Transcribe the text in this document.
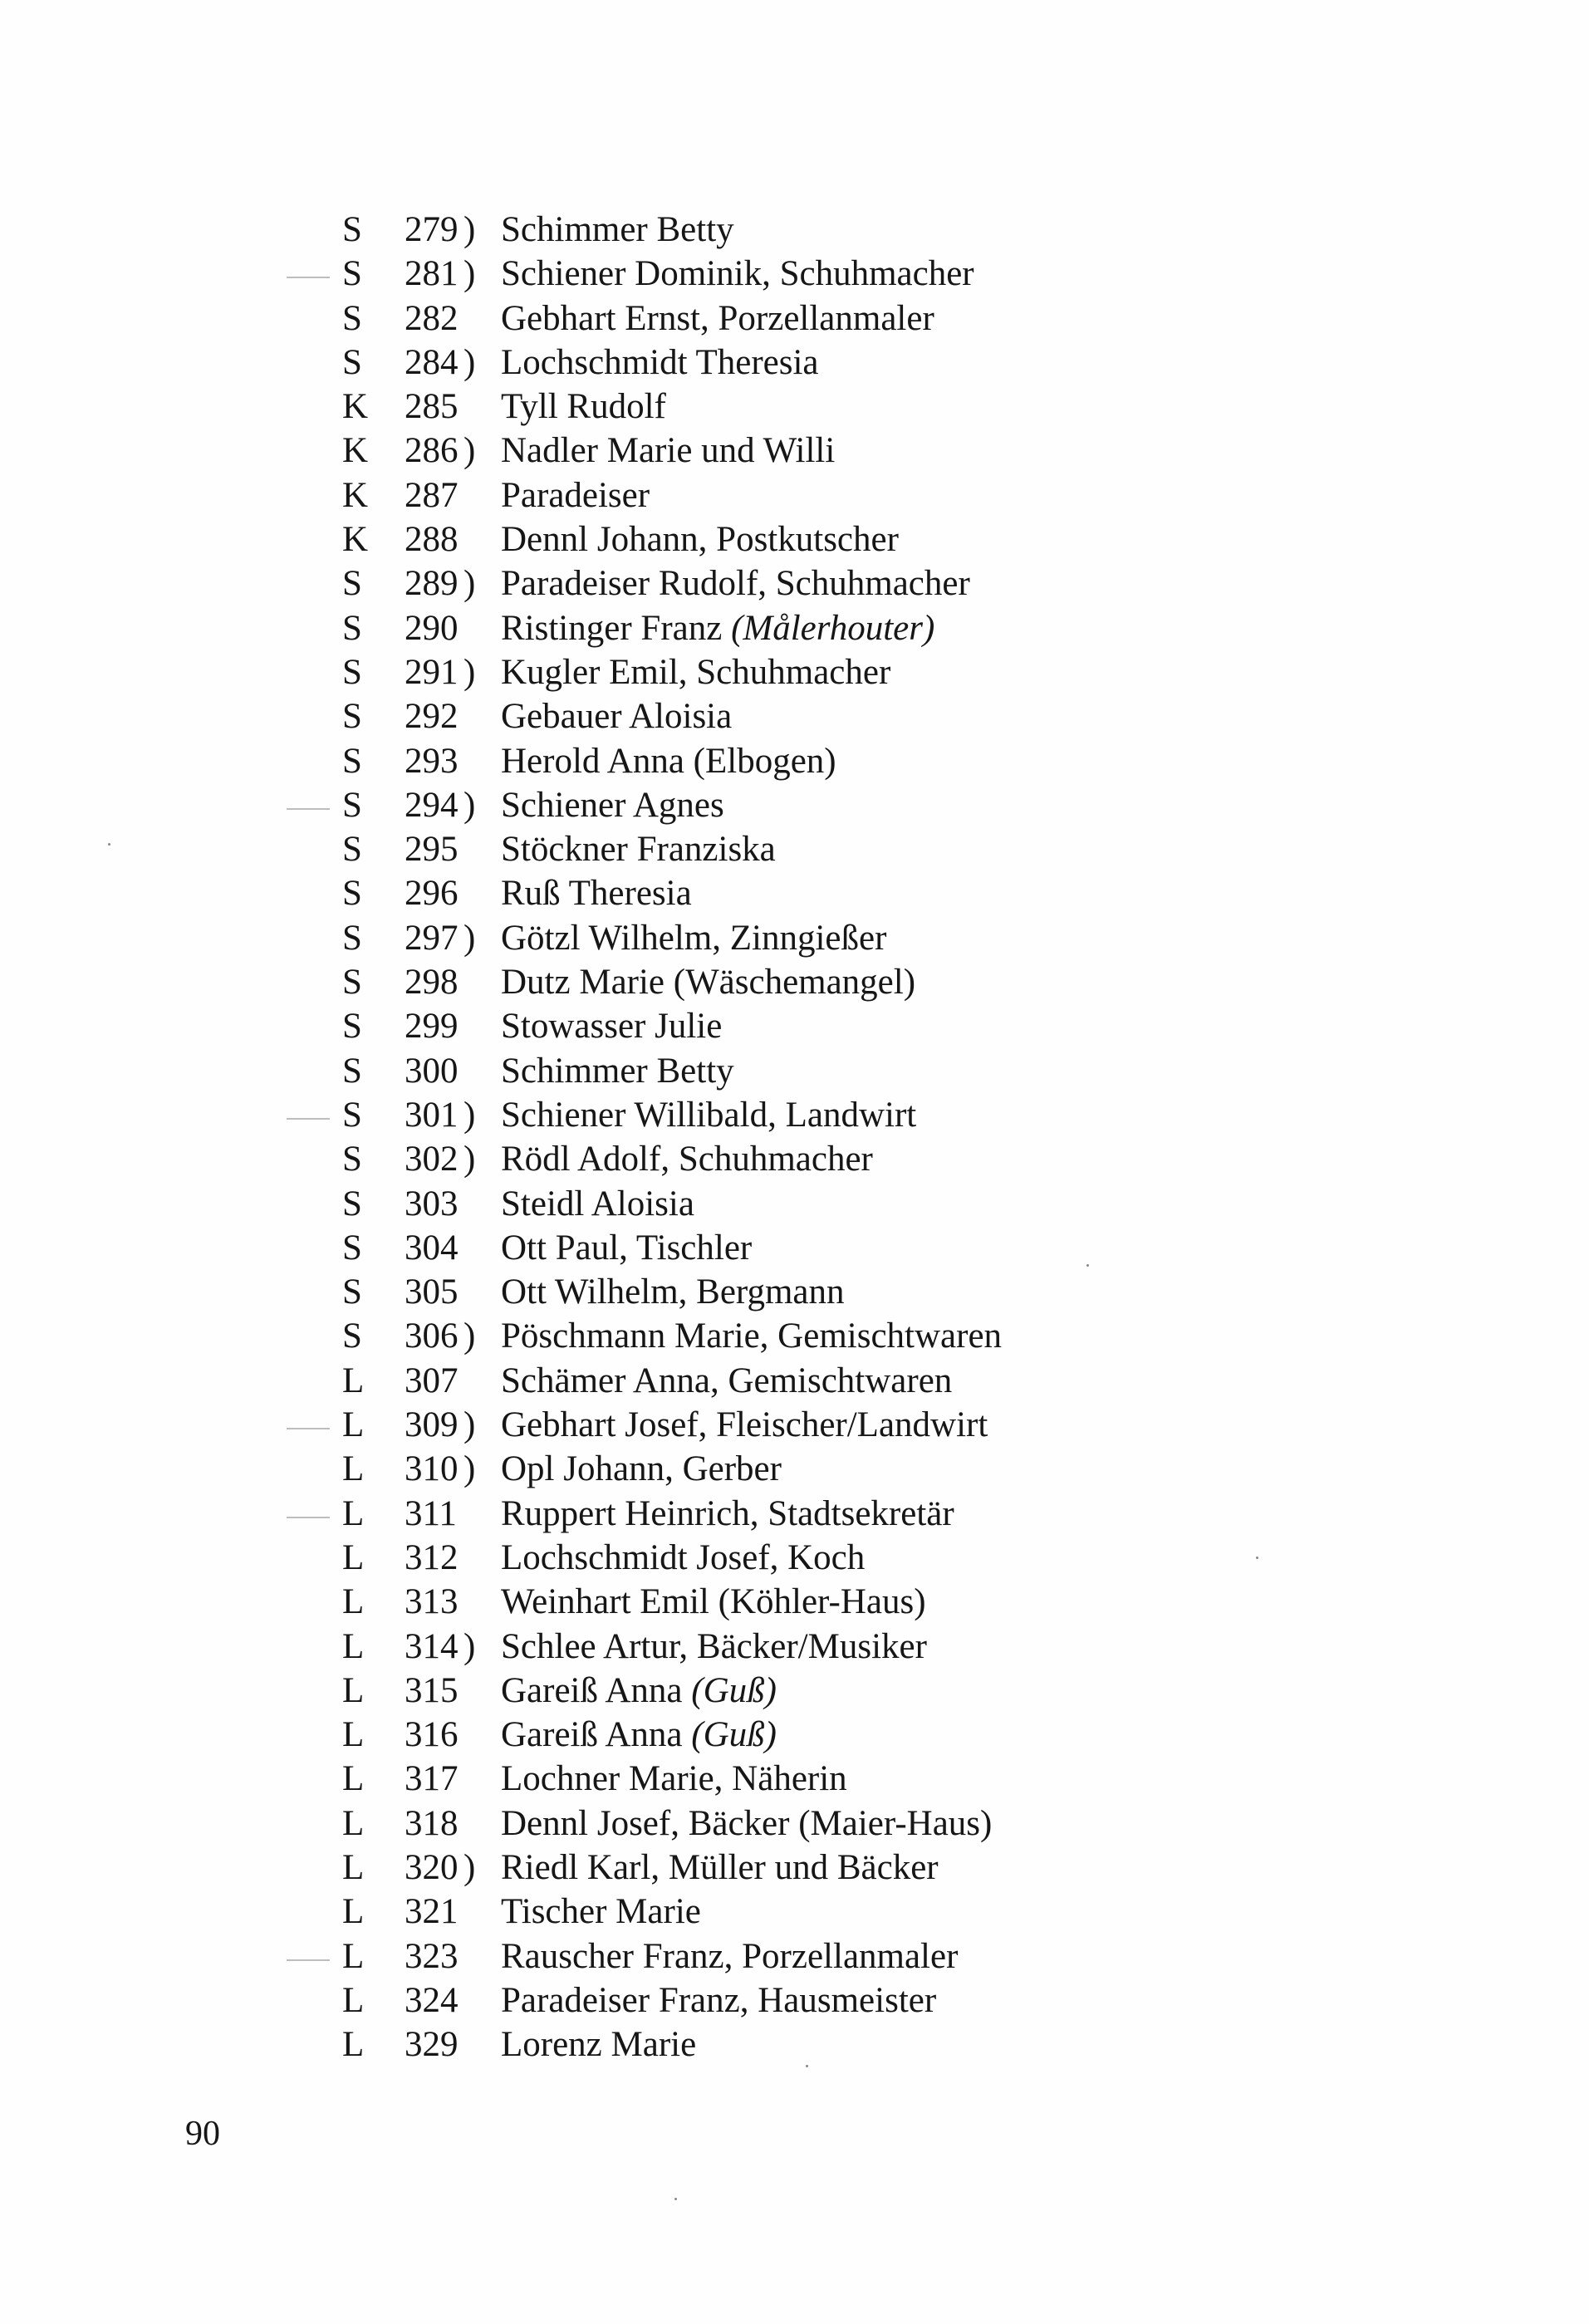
S 279 ) Schimmer Betty
S 281 ) Schiener Dominik, Schuhmacher
S 282 Gebhart Ernst, Porzellanmaler
S 284 ) Lochschmidt Theresia
K 285 Tyll Rudolf
K 286 ) Nadler Marie und Willi
K 287 Paradeiser
K 288 Dennl Johann, Postkutscher
S 289 ) Paradeiser Rudolf, Schuhmacher
S 290 Ristinger Franz (Målerhouter)
S 291 ) Kugler Emil, Schuhmacher
S 292 Gebauer Aloisia
S 293 Herold Anna (Elbogen)
S 294 ) Schiener Agnes
S 295 Stöckner Franziska
S 296 Ruß Theresia
S 297 ) Götzl Wilhelm, Zinngießer
S 298 Dutz Marie (Wäschemangel)
S 299 Stowasser Julie
S 300 Schimmer Betty
S 301 ) Schiener Willibald, Landwirt
S 302 ) Rödl Adolf, Schuhmacher
S 303 Steidl Aloisia
S 304 Ott Paul, Tischler
S 305 Ott Wilhelm, Bergmann
S 306 ) Pöschmann Marie, Gemischtwaren
L 307 Schämer Anna, Gemischtwaren
L 309 ) Gebhart Josef, Fleischer/Landwirt
L 310 ) Opl Johann, Gerber
L 311 Ruppert Heinrich, Stadtsekretär
L 312 Lochschmidt Josef, Koch
L 313 Weinhart Emil (Köhler-Haus)
L 314 ) Schlee Artur, Bäcker/Musiker
L 315 Gareiß Anna (Guß)
L 316 Gareiß Anna (Guß)
L 317 Lochner Marie, Näherin
L 318 Dennl Josef, Bäcker (Maier-Haus)
L 320 ) Riedl Karl, Müller und Bäcker
L 321 Tischer Marie
L 323 Rauscher Franz, Porzellanmaler
L 324 Paradeiser Franz, Hausmeister
L 329 Lorenz Marie
90
